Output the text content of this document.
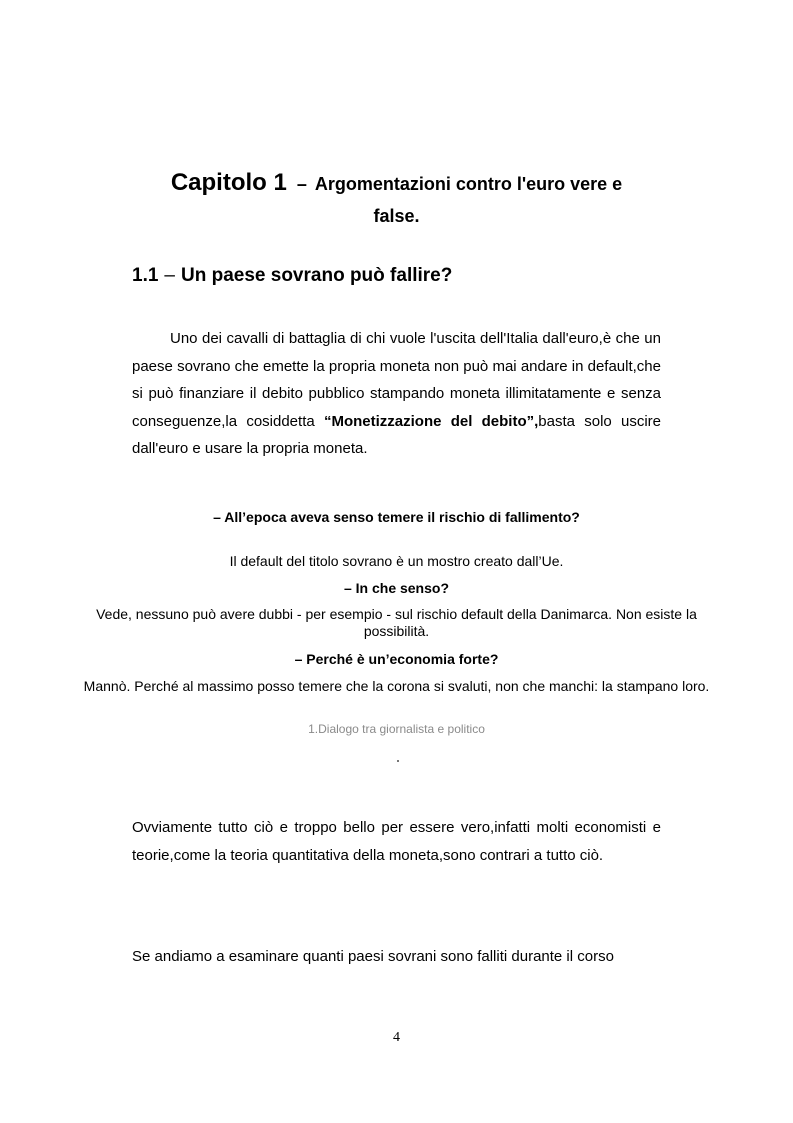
Capitolo 1 – Argomentazioni contro l'euro vere e
false.
1.1 – Un paese sovrano può fallire?

Uno dei cavalli di battaglia di chi vuole l'uscita dell'Italia dall'euro,è che un paese sovrano che emette la propria moneta non può mai andare in default,che si può finanziare il debito pubblico stampando moneta illimitatamente e senza conseguenze,la cosiddetta “Monetizzazione del debito”,basta solo uscire dall'euro e usare la propria moneta.

– All’epoca aveva senso temere il rischio di fallimento?
Il default del titolo sovrano è un mostro creato dall’Ue.
– In che senso?
Vede, nessuno può avere dubbi - per esempio - sul rischio default della Danimarca. Non esiste la possibilità.
– Perché è un’economia forte?
Mannò. Perché al massimo posso temere che la corona si svaluti, non che manchi: la stampano loro.
1.Dialogo tra giornalista e politico

Ovviamente tutto ciò e troppo bello per essere vero,infatti molti economisti e teorie,come la teoria quantitativa della moneta,sono contrari a tutto ciò.

Se andiamo a esaminare quanti paesi sovrani sono falliti durante il corso

4
